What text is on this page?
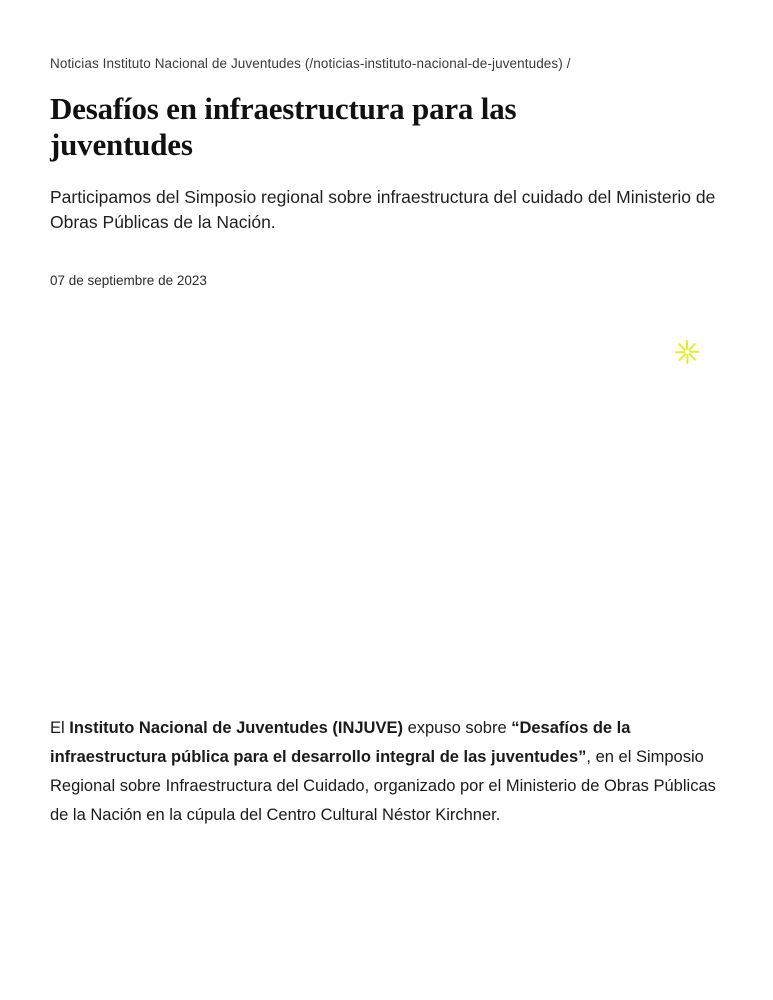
Noticias Instituto Nacional de Juventudes (/noticias-instituto-nacional-de-juventudes) /
Desafíos en infraestructura para las juventudes

Participamos del Simposio regional sobre infraestructura del cuidado del Ministerio de Obras Públicas de la Nación.

07 de septiembre de 2023
El Instituto Nacional de Juventudes (INJUVE) expuso sobre “Desafíos de la infraestructura pública para el desarrollo integral de las juventudes”, en el Simposio Regional sobre Infraestructura del Cuidado, organizado por el Ministerio de Obras Públicas de la Nación en la cúpula del Centro Cultural Néstor Kirchner.
